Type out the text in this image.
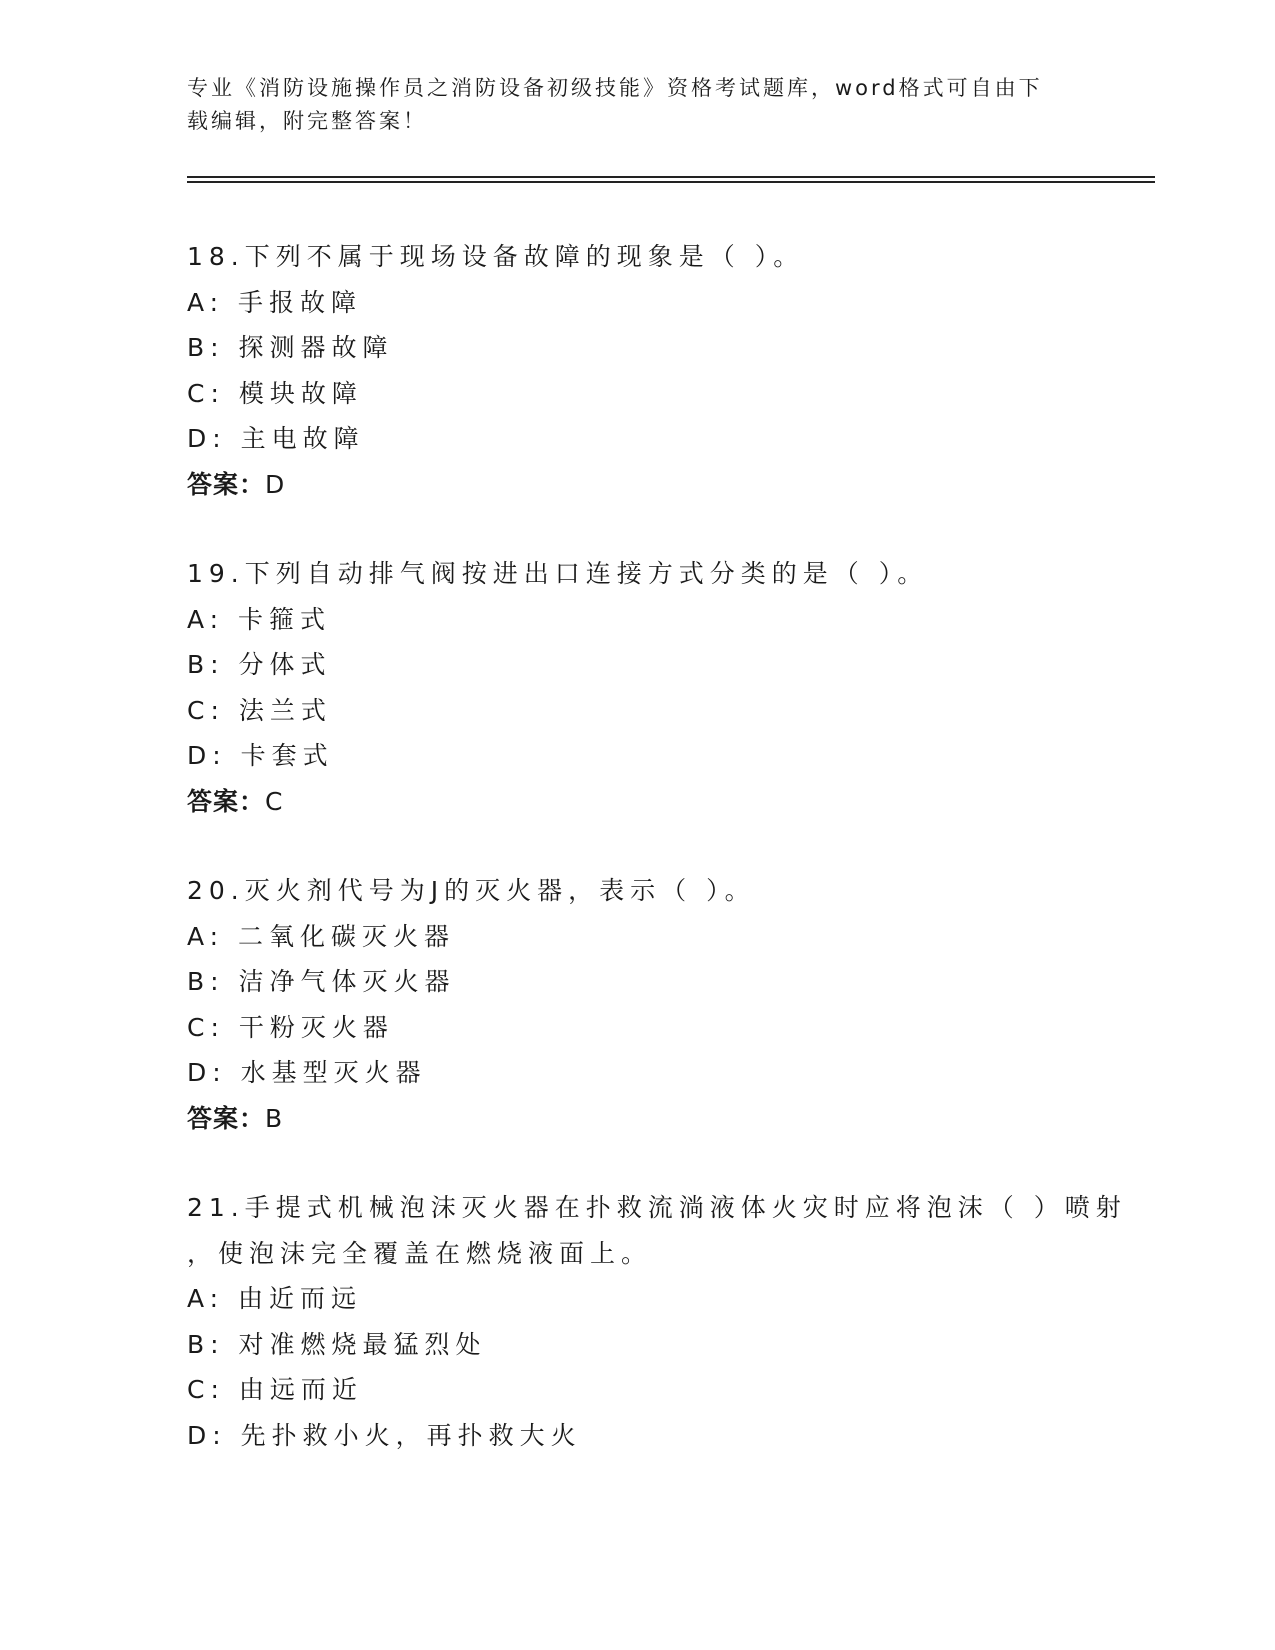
专业《消防设施操作员之消防设备初级技能》资格考试题库，word格式可自由下
载编辑，附完整答案！
18.下列不属于现场设备故障的现象是（ ）。
A: 手报故障
B: 探测器故障
C: 模块故障
D: 主电故障
答案：D
19.下列自动排气阀按进出口连接方式分类的是（ ）。
A: 卡箍式
B: 分体式
C: 法兰式
D: 卡套式
答案：C
20.灭火剂代号为J的灭火器，表示（ ）。
A: 二氧化碳灭火器
B: 洁净气体灭火器
C: 干粉灭火器
D: 水基型灭火器
答案：B
21.手提式机械泡沫灭火器在扑救流淌液体火灾时应将泡沫（ ）喷射
，使泡沫完全覆盖在燃烧液面上。
A: 由近而远
B: 对准燃烧最猛烈处
C: 由远而近
D: 先扑救小火，再扑救大火
